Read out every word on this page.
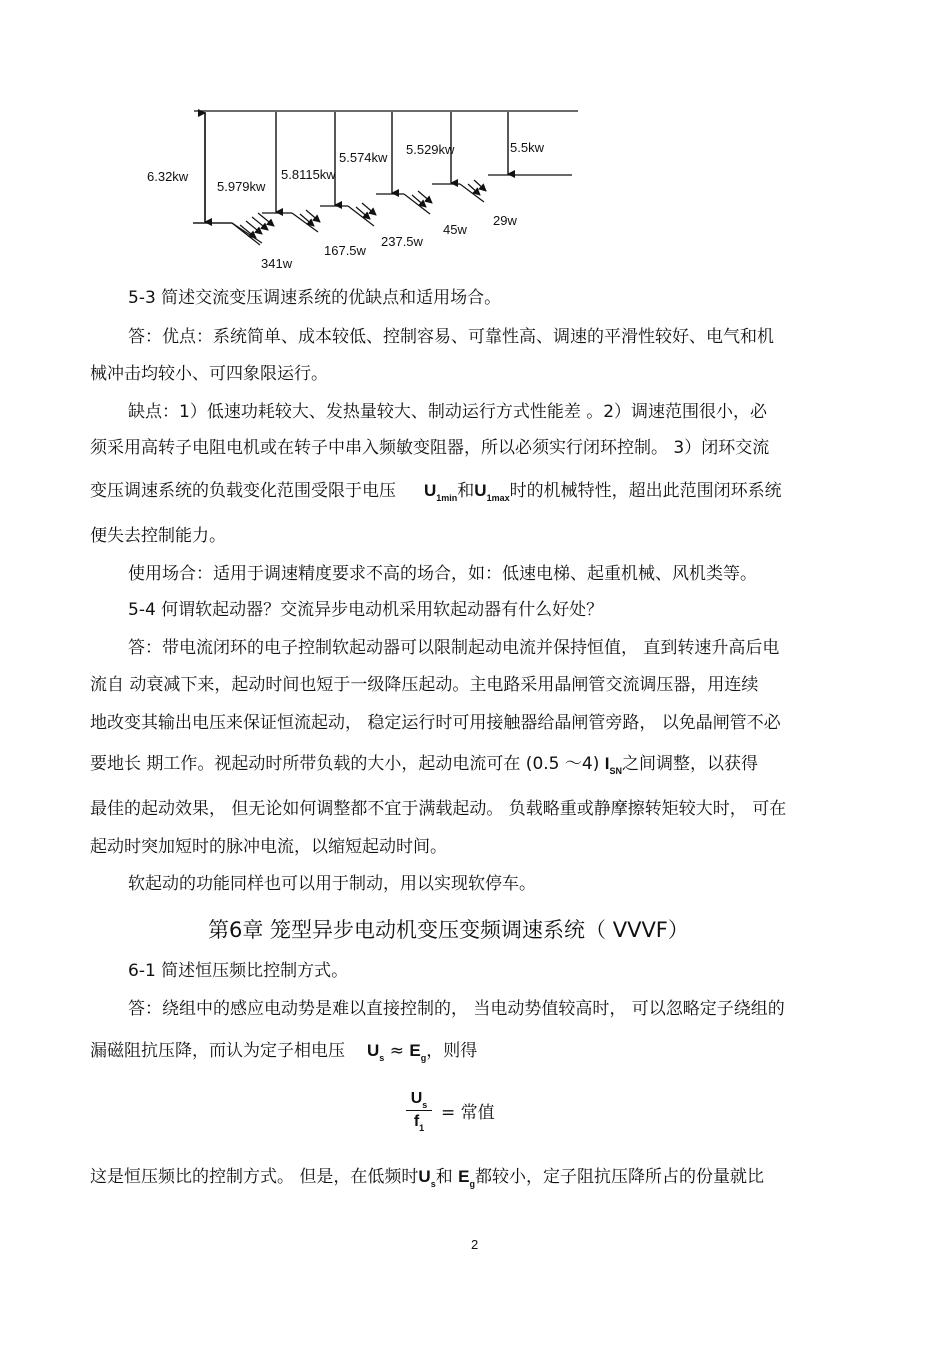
6.32kw
5.979kw
5.8115kw
5.574kw
5.529kw	5.5kw
341w
167.5w
237.5w
45w
29w
5-3 简述交流变压调速系统的优缺点和适用场合。
答：优点：系统简单、成本较低、控制容易、可靠性高、调速的平滑性较好、电气和机
械冲击均较小、可四象限运行。
缺点：1）低速功耗较大、发热量较大、制动运行方式性能差 。2）调速范围很小，必
须采用高转子电阻电机或在转子中串入频敏变阻器，所以必须实行闭环控制。 3）闭环交流
变压调速系统的负载变化范围受限于电压 $U_{1min}$和$U_{1max}$时的机械特性，超出此范围闭环系统
便失去控制能力。
使用场合：适用于调速精度要求不高的场合，如：低速电梯、起重机械、风机类等。
5-4 何谓软起动器？交流异步电动机采用软起动器有什么好处？
答：带电流闭环的电子控制软起动器可以限制起动电流并保持恒值， 直到转速升高后电
流自 动衰减下来，起动时间也短于一级降压起动。主电路采用晶闸管交流调压器，用连续
地改变其输出电压来保证恒流起动， 稳定运行时可用接触器给晶闸管旁路， 以免晶闸管不必
要地长 期工作。视起动时所带负载的大小，起动电流可在 (0.5 ～4) $I_{SN}$之间调整，以获得
最佳的起动效果， 但无论如何调整都不宜于满载起动。 负载略重或静摩擦转矩较大时， 可在
起动时突加短时的脉冲电流，以缩短起动时间。
软起动的功能同样也可以用于制动，用以实现软停车。
第6章 笼型异步电动机变压变频调速系统（ VVVF）
6-1 简述恒压频比控制方式。
答：绕组中的感应电动势是难以直接控制的， 当电动势值较高时， 可以忽略定子绕组的
漏磁阻抗压降，而认为定子相电压 $U_s \approx E_g$，则得
$U_s$
$f_1$
= 常值
这是恒压频比的控制方式。 但是，在低频时$U_s$和 $E_g$都较小，定子阻抗压降所占的份量就比
2
